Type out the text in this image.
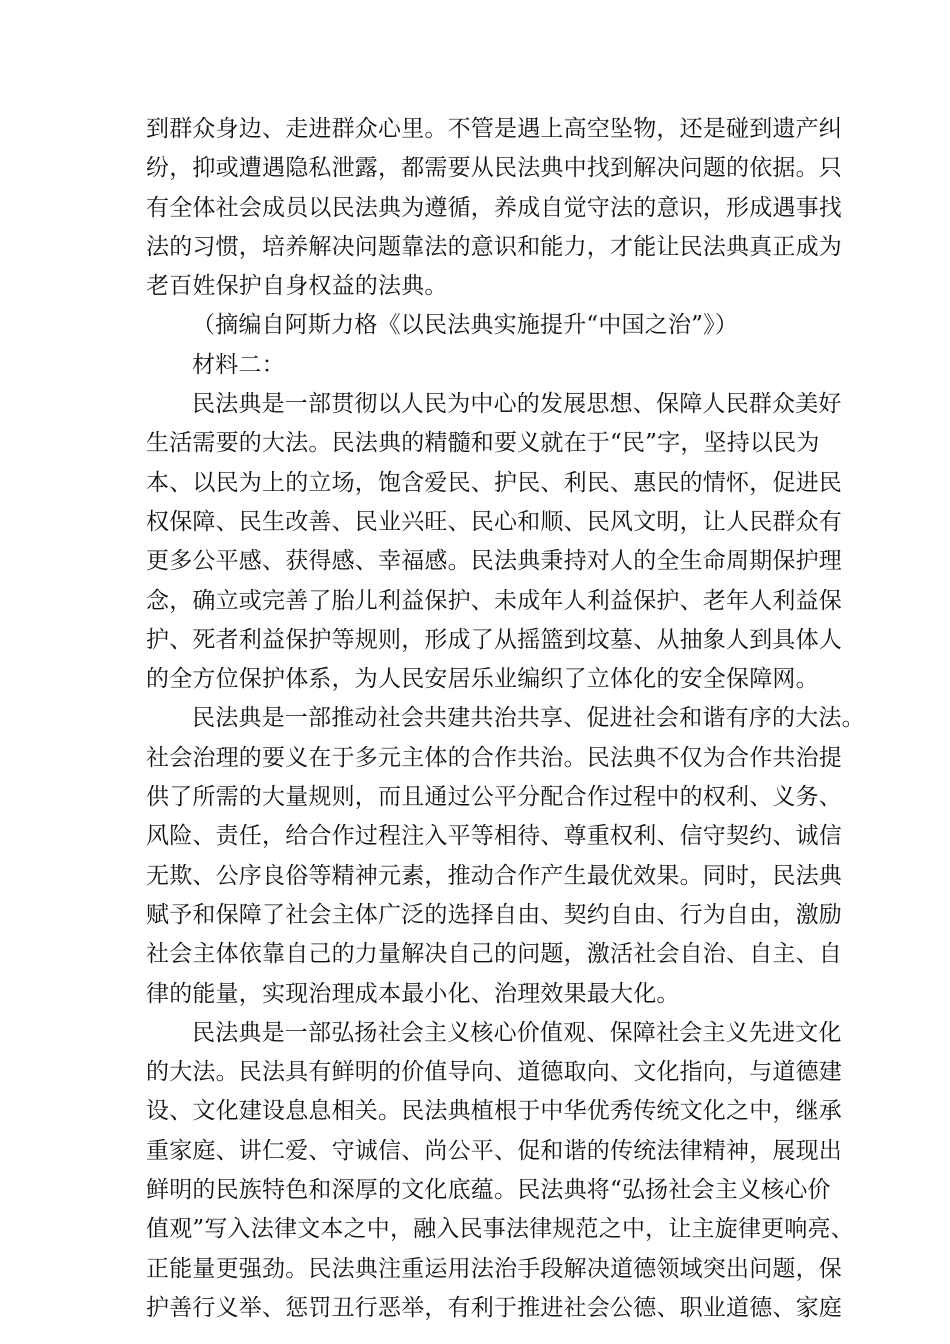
到群众身边、走进群众心里。不管是遇上高空坠物，还是碰到遗产纠
纷，抑或遭遇隐私泄露，都需要从民法典中找到解决问题的依据。只
有全体社会成员以民法典为遵循，养成自觉守法的意识，形成遇事找
法的习惯，培养解决问题靠法的意识和能力，才能让民法典真正成为
老百姓保护自身权益的法典。
（摘编自阿斯力格《以民法典实施提升“中国之治”》）
材料二：
民法典是一部贯彻以人民为中心的发展思想、保障人民群众美好
生活需要的大法。民法典的精髓和要义就在于“民”字，坚持以民为
本、以民为上的立场，饱含爱民、护民、利民、惠民的情怀，促进民
权保障、民生改善、民业兴旺、民心和顺、民风文明，让人民群众有
更多公平感、获得感、幸福感。民法典秉持对人的全生命周期保护理
念，确立或完善了胎儿利益保护、未成年人利益保护、老年人利益保
护、死者利益保护等规则，形成了从摇篮到坟墓、从抽象人到具体人
的全方位保护体系，为人民安居乐业编织了立体化的安全保障网。
民法典是一部推动社会共建共治共享、促进社会和谐有序的大法。
社会治理的要义在于多元主体的合作共治。民法典不仅为合作共治提
供了所需的大量规则，而且通过公平分配合作过程中的权利、义务、
风险、责任，给合作过程注入平等相待、尊重权利、信守契约、诚信
无欺、公序良俗等精神元素，推动合作产生最优效果。同时，民法典
赋予和保障了社会主体广泛的选择自由、契约自由、行为自由，激励
社会主体依靠自己的力量解决自己的问题，激活社会自治、自主、自
律的能量，实现治理成本最小化、治理效果最大化。
民法典是一部弘扬社会主义核心价值观、保障社会主义先进文化
的大法。民法具有鲜明的价值导向、道德取向、文化指向，与道德建
设、文化建设息息相关。民法典植根于中华优秀传统文化之中，继承
重家庭、讲仁爱、守诚信、尚公平、促和谐的传统法律精神，展现出
鲜明的民族特色和深厚的文化底蕴。民法典将“弘扬社会主义核心价
值观”写入法律文本之中，融入民事法律规范之中，让主旋律更响亮、
正能量更强劲。民法典注重运用法治手段解决道德领域突出问题，保
护善行义举、惩罚丑行恶举，有利于推进社会公德、职业道德、家庭
